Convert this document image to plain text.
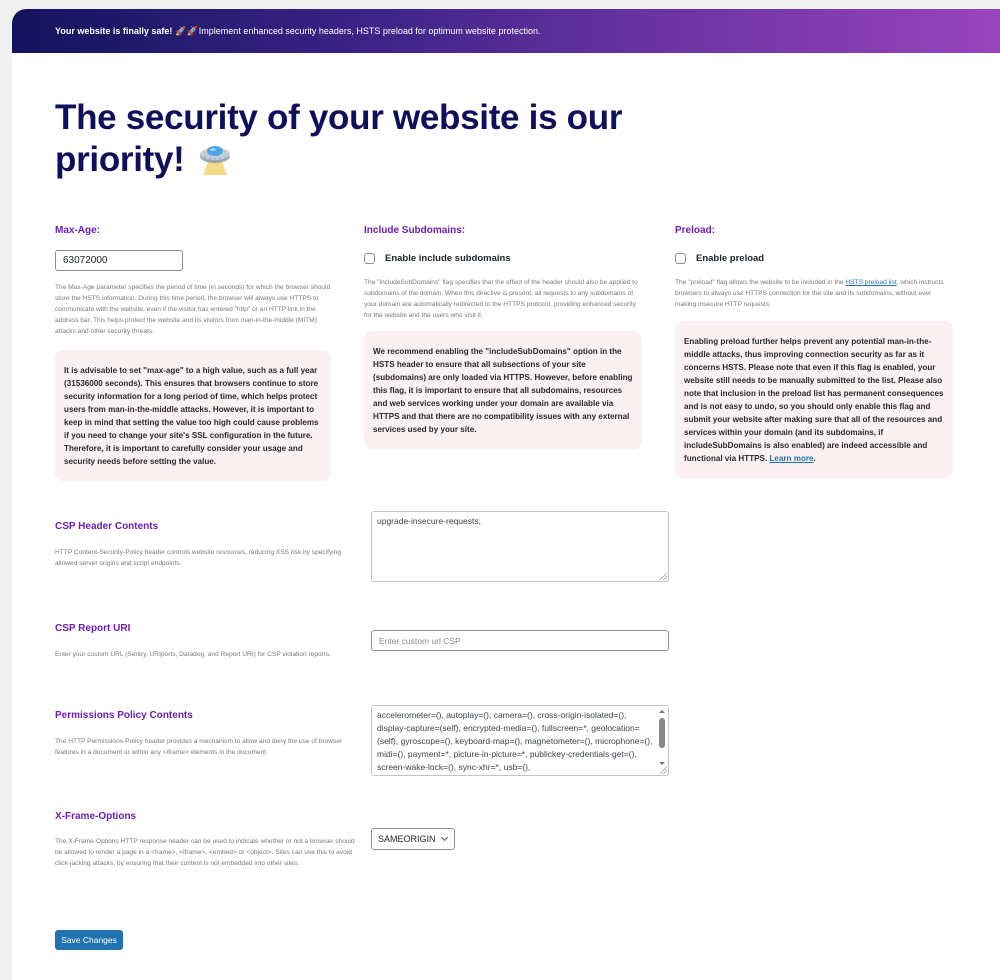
Your website is finally safe! 🚀🚀 Implement enhanced security headers, HSTS preload for optimum website protection.
The security of your website is our priority!
Max-Age:
63072000

The Max-Age parameter specifies the period of time (in seconds) for which the browser should store the HSTS information. During this time period, the browser will always use HTTPS to communicate with the website, even if the visitor has entered "http" or an HTTP link in the address bar. This helps protect the website and its visitors from man-in-the-middle (MITM) attacks and other security threats.

It is advisable to set "max-age" to a high value, such as a full year (31536000 seconds). This ensures that browsers continue to store security information for a long period of time, which helps protect users from man-in-the-middle attacks. However, it is important to keep in mind that setting the value too high could cause problems if you need to change your site's SSL configuration in the future. Therefore, it is important to carefully consider your usage and security needs before setting the value.
Include Subdomains:
Enable include subdomains

The "includeSubDomains" flag specifies that the effect of the header should also be applied to subdomains of the domain. When this directive is present, all requests to any subdomains of your domain are automatically redirected to the HTTPS protocol, providing enhanced security for the website and the users who visit it.

We recommend enabling the "includeSubDomains" option in the HSTS header to ensure that all subsections of your site (subdomains) are only loaded via HTTPS. However, before enabling this flag, it is important to ensure that all subdomains, resources and web services working under your domain are available via HTTPS and that there are no compatibility issues with any external services used by your site.
Preload:
Enable preload

The "preload" flag allows the website to be included in the HSTS preload list, which instructs browsers to always use HTTPS connection for the site and its subdomains, without ever making insecure HTTP requests.

Enabling preload further helps prevent any potential man-in-the-middle attacks, thus improving connection security as far as it concerns HSTS. Please note that even if this flag is enabled, your website still needs to be manually submitted to the list. Please also note that inclusion in the preload list has permanent consequences and is not easy to undo, so you should only enable this flag and submit your website after making sure that all of the resources and services within your domain (and its subdomains, if includeSubDomains is also enabled) are indeed accessible and functional via HTTPS. Learn more.
CSP Header Contents

HTTP Content-Security-Policy header controls website resources, reducing XSS risk by specifying allowed server origins and script endpoints.

upgrade-insecure-requests;
CSP Report URI

Enter your custom URL (Sentry, URIports, Datadog, and Report URI) for CSP violation reports.

Enter custom url CSP
Permissions Policy Contents

The HTTP Permissions-Policy header provides a mechanism to allow and deny the use of browser features in a document or within any <iframe> elements in the document.

accelerometer=(), autoplay=(), camera=(), cross-origin-isolated=(), display-capture=(self), encrypted-media=(), fullscreen=*, geolocation=(self), gyroscope=(), keyboard-map=(), magnetometer=(), microphone=(), midi=(), payment=*, picture-in-picture=*, publickey-credentials-get=(), screen-wake-lock=(), sync-xhr=*, usb=(),
X-Frame-Options

The X-Frame-Options HTTP response header can be used to indicate whether or not a browser should be allowed to render a page in a <frame>, <iframe>, <embed> or <object>. Sites can use this to avoid click-jacking attacks, by ensuring that their content is not embedded into other sites.

SAMEORIGIN
Save Changes
